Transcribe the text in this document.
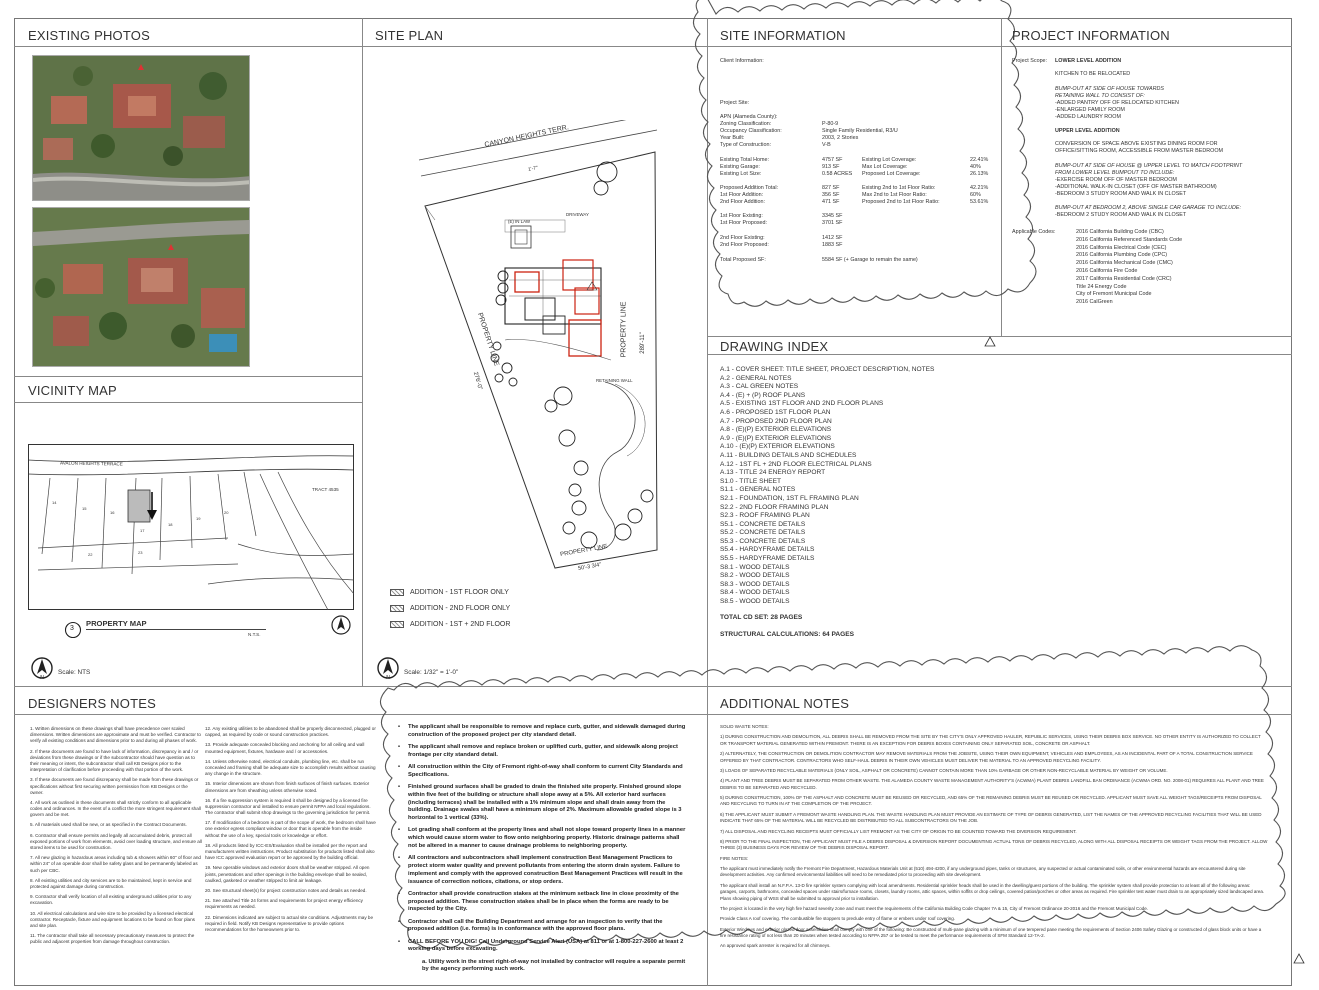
EXISTING PHOTOS	SITE PLAN	SITE INFORMATION	PROJECT INFORMATION
VICINITY MAP
DRAWING INDEX
DESIGNERS NOTES	ADDITIONAL NOTES
CANYON HEIGHTS TERR.
1'-7"
DRIVEWAY
(E) IN LAW
RETAINING WALL
PROPERTY LINE
276'-0"
PROPERTY LINE 289'-11"
PROPERTY LINE
50'-3 3/4"
ADDITION - 1ST FLOOR ONLY
ADDITION - 2ND FLOOR ONLY
ADDITION - 1ST + 2ND FLOOR
N
Scale: 1/32" = 1'-0"
14
15
16
17
18
19
20
22	23
AVALON HEIGHTS TERRACE
TRACT 4535
3
PROPERTY MAP
N.T.S.
N
Scale: NTS
Client Information:
Project Site:
APN (Alameda County):
Zoning Classification:	P-80-9
Occupancy Classification:	Single Family Residential, R3/U
Year Built:	2003, 2 Stories
Type of Construction:	V-B
Existing Total Home:	4757 SF	Existing Lot Coverage:	22.41%
Existing Garage:	913 SF	Max Lot Coverage:	40%
Existing Lot Size:	0.58 ACRES Proposed Lot Coverage:	26.13%
Proposed Addition Total:	827 SF	Existing 2nd to 1st Floor Ratio:	42.21%
1st Floor Addition:	356 SF	Max 2nd to 1st Floor Ratio:	60%
2nd Floor Addition:	471 SF	Proposed 2nd to 1st Floor Ratio:	53.61%
1st Floor Existing:	3345 SF
1st Floor Proposed:	3701 SF
2nd Floor Existing:	1412 SF
2nd Floor Proposed:	1883 SF
Total Proposed SF:	5584 SF (+ Garage to remain the same)
Project Scope: LOWER LEVEL ADDITION
KITCHEN TO BE RELOCATED
BUMP-OUT AT SIDE OF HOUSE TOWARDS
RETAINING WALL TO CONSIST OF:
-ADDED PANTRY OFF OF RELOCATED KITCHEN
-ENLARGED FAMILY ROOM
-ADDED LAUNDRY ROOM
UPPER LEVEL ADDITION
CONVERSION OF SPACE ABOVE EXISTING DINING ROOM FOR
OFFICE/SITTING ROOM, ACCESSIBLE FROM MASTER BEDROOM
BUMP-OUT AT SIDE OF HOUSE @ UPPER LEVEL TO MATCH FOOTPRINT
FROM LOWER LEVEL BUMPOUT TO INCLUDE:
-EXERCISE ROOM OFF OF MASTER BEDROOM
-ADDITIONAL WALK-IN CLOSET (OFF OF MASTER BATHROOM)
-BEDROOM 3 STUDY ROOM AND WALK IN CLOSET
BUMP-OUT AT BEDROOM 2, ABOVE SINGLE CAR GARAGE TO INCLUDE:
-BEDROOM 2 STUDY ROOM AND WALK IN CLOSET
Applicable Codes:	2016 California Building Code (CBC)
2016 California Referenced Standards Code
2016 California Electrical Code (CEC)
2016 California Plumbing Code (CPC)
2016 California Mechanical Code (CMC)
2016 California Fire Code
2017 California Residential Code (CRC)
Title 24 Energy Code
City of Fremont Municipal Code
2016 CalGreen
A.1 - COVER SHEET: TITLE SHEET, PROJECT DESCRIPTION, NOTES
A.2 - GENERAL NOTES
A.3 - CAL GREEN NOTES
A.4 - (E) + (P) ROOF PLANS
A.5 - EXISTING 1ST FLOOR AND 2ND FLOOR PLANS
A.6 - PROPOSED 1ST FLOOR PLAN
A.7 - PROPOSED 2ND FLOOR PLAN
A.8 - (E)(P) EXTERIOR ELEVATIONS
A.9 - (E)(P) EXTERIOR ELEVATIONS
A.10 - (E)(P) EXTERIOR ELEVATIONS
A.11 - BUILDING DETAILS AND SCHEDULES
A.12 - 1ST FL + 2ND FLOOR ELECTRICAL PLANS
A.13 - TITLE 24 ENERGY REPORT
S1.0 - TITLE SHEET
S1.1 - GENERAL NOTES
S2.1 - FOUNDATION, 1ST FL FRAMING PLAN
S2.2 - 2ND FLOOR FRAMING PLAN
S2.3 - ROOF FRAMING PLAN
S5.1 - CONCRETE DETAILS
S5.2 - CONCRETE DETAILS
S5.3 - CONCRETE DETAILS
S5.4 - HARDYFRAME DETAILS
S5.5 - HARDYFRAME DETAILS
S8.1 - WOOD DETAILS
S8.2 - WOOD DETAILS
S8.3 - WOOD DETAILS
S8.4 - WOOD DETAILS
S8.5 - WOOD DETAILS
TOTAL CD SET: 28 PAGES
STRUCTURAL CALCULATIONS: 64 PAGES
1. Written dimensions on these drawings shall have precedence over scaled dimensions. Written dimensions are approximate and must be verified. Contractor to verify all existing conditions and dimensions prior to and during all phases of work.
2. If these documents are found to have lack of information, discrepancy in and / or deviations from these drawings or if the subcontractor should have question as to their meaning or intent, the subcontractor shall call KB Designs prior to the interpretation of clarification before proceeding with that portion of the work.
3. If these documents are found discrepancy shall be made from these drawings or specifications without first securing written permission from KB Designs or the owner.
4. All work as outlined in these documents shall strictly conform to all applicable codes and ordinances. In the event of a conflict the more stringent requirement shall govern and be met.
5. All materials used shall be new, or as specified in the Contract Documents.
6. Contractor shall ensure permits and legally all accumulated debris, protect all exposed portions of work from elements, avoid over loading structure, and ensure all stored items to be used for construction.
7. All new glazing in hazardous areas including tub & showers within 60" of floor and within 24" of an operable door shall be safety glass and be permanently labeled as such per CBC.
8. All existing utilities and city services are to be maintained, kept in service and protected against damage during construction.
9. Contractor shall verify location of all existing underground utilities prior to any excavation.
10. All electrical calculations and wire size to be provided by a licensed electrical contractor. Receptacle, fixture and equipment locations to be found on floor plans and site plan.
11. The contractor shall take all necessary precautionary measures to protect the public and adjacent properties from damage throughout construction.
12. Any existing utilities to be abandoned shall be properly disconnected, plugged or capped, as required by code or sound construction practices.
13. Provide adequate concealed blocking and anchoring for all ceiling and wall mounted equipment, fixtures, hardware and / or accessories.
14. Unless otherwise noted, electrical conduits, plumbing line, etc. shall be run concealed and framing shall be adequate size to accomplish results without causing any change in the structure.
15. Interior dimensions are shown from finish surfaces of finish surfaces. Exterior dimensions are from sheathing unless otherwise noted.
16. If a fire suppression system is required it shall be designed by a licensed fire suppression contractor and installed to ensure permit NFPA and local regulations. The contractor shall submit shop drawings to the governing jurisdiction for permit.
17. If modification of a bedroom is part of the scope of work, the bedroom shall have one exterior egress compliant window or door that is operable from the inside without the use of a key, special tools or knowledge or effort.
18. All products listed by ICC-ES/Evaluation shall be installed per the report and manufacturers written instructions. Product substitution for products listed shall also have ICC approved evaluation report or be approved by the building official.
19. New operable windows and exterior doors shall be weather stripped. All open joints, penetrations and other openings in the building envelope shall be sealed, caulked, gasketed or weather stripped to limit air leakage.
20. See structural sheet(s) for project construction notes and details as needed.
21. See attached Title 24 forms and requirements for project energy efficiency requirements as needed.
22. Dimensions indicated are subject to actual site conditions. Adjustments may be required in field. Notify KB Designs representative to provide options recommendations for the homeowners prior to.
• The applicant shall be responsible to remove and replace curb, gutter, and sidewalk damaged during construction of the proposed project per city standard detail.
• The applicant shall remove and replace broken or uplifted curb, gutter, and sidewalk along project frontage per city standard detail.
• All construction within the City of Fremont right-of-way shall conform to current City Standards and Specifications.
• Finished ground surfaces shall be graded to drain the finished site properly. Finished ground slope within five feet of the building or structure shall slope away at a 5%. All exterior hard surfaces (including terraces) shall be installed with a 1% minimum slope and shall drain away from the building. Drainage swales shall have a minimum slope of 2%. Maximum allowable graded slope is 3 horizontal to 1 vertical (33%).
• Lot grading shall conform at the property lines and shall not slope toward property lines in a manner which would cause storm water to flow onto neighboring property. Historic drainage patterns shall not be altered in a manner to cause drainage problems to neighboring property.
• All contractors and subcontractors shall implement construction Best Management Practices to protect storm water quality and prevent pollutants from entering the storm drain system. Failure to implement and comply with the approved construction Best Management Practices will result in the issuance of correction notices, citations, or stop orders.
• Contractor shall provide construction stakes at the minimum setback line in close proximity of the proposed addition. These construction stakes shall be in place when the forms are ready to be inspected by the City.
• Contractor shall call the Building Department and arrange for an inspection to verify that the proposed addition (i.e. forms) is in conformance with the approved floor plans.
• CALL BEFORE YOU DIG! Call Underground Service Alert (USA) at 811 or at 1-800-227-2600 at least 2 working days before excavating.
a. Utility work in the street right-of-way not installed by contractor will require a separate permit by the agency performing such work.
SOLID WASTE NOTES:
1) DURING CONSTRUCTION AND DEMOLITION, ALL DEBRIS SHALL BE REMOVED FROM THE SITE BY THE CITY'S ONLY APPROVED HAULER, REPUBLIC SERVICES, USING THEIR DEBRIS BOX SERVICE. NO OTHER ENTITY IS AUTHORIZED TO COLLECT OR TRANSPORT MATERIAL GENERATED WITHIN FREMONT. THERE IS AN EXCEPTION FOR DEBRIS BOXES CONTAINING ONLY SEPARATED SOIL, CONCRETE OR ASPHALT.
2) ALTERNATELY, THE CONSTRUCTION OR DEMOLITION CONTRACTOR MAY REMOVE MATERIALS FROM THE JOBSITE, USING THEIR OWN EQUIPMENT, VEHICLES AND EMPLOYEES, AS AN INCIDENTAL PART OF A TOTAL CONSTRUCTION SERVICE OFFERED BY THAT CONTRACTOR. CONTRACTORS WHO SELF-HAUL DEBRIS IN THEIR OWN VEHICLES MUST DELIVER THE MATERIAL TO AN APPROVED RECYCLING FACILITY.
3) LOADS OF SEPARATED RECYCLABLE MATERIALS (ONLY SOIL, ASPHALT OR CONCRETE) CANNOT CONTAIN MORE THAN 10% GARBAGE OR OTHER NON-RECYCLABLE MATERIAL BY WEIGHT OR VOLUME.
4) PLANT AND TREE DEBRIS MUST BE SEPARATED FROM OTHER WASTE. THE ALAMEDA COUNTY WASTE MANAGEMENT AUTHORITY'S (ACWMA) PLANT DEBRIS LANDFILL BAN ORDINANCE (ACWMA ORD. NO. 2008-01) REQUIRES ALL PLANT AND TREE DEBRIS TO BE SEPARATED AND RECYCLED.
5) DURING CONSTRUCTION, 100% OF THE ASPHALT AND CONCRETE MUST BE REUSED OR RECYCLED, AND 65% OF THE REMAINING DEBRIS MUST BE REUSED OR RECYCLED. APPLICANT MUST SAVE ALL WEIGHT TAGS/RECEIPTS FROM DISPOSAL AND RECYCLING TO TURN IN AT THE COMPLETION OF THE PROJECT.
6) THE APPLICANT MUST SUBMIT A FREMONT WASTE HANDLING PLAN. THE WASTE HANDLING PLAN MUST PROVIDE AN ESTIMATE OF TYPE OF DEBRIS GENERATED, LIST THE NAMES OF THE APPROVED RECYCLING FACILITIES THAT WILL BE USED INDICATE THAT 65% OF THE MATERIAL WILL BE RECYCLED BE DISTRIBUTED TO ALL SUBCONTRACTORS ON THE JOB.
7) ALL DISPOSAL AND RECYCLING RECEIPTS MUST OFFICIALLY LIST FREMONT AS THE CITY OF ORIGIN TO BE COUNTED TOWARD THE DIVERSION REQUIREMENT.
8) PRIOR TO THE FINAL INSPECTION, THE APPLICANT MUST FILE A DEBRIS DISPOSAL & DIVERSION REPORT DOCUMENTING ACTUAL TONS OF DEBRIS RECYCLED, ALONG WITH ALL DISPOSAL RECEIPTS OR WEIGHT TAGS FROM THE PROJECT. ALLOW THREE (3) BUSINESS DAYS FOR REVIEW OF THE DEBRIS DISPOSAL REPORT.
FIRE NOTES:
The applicant must immediately notify the Fremont Fire Department, Hazardous Materials Unit at (510) 494-4200, if any underground pipes, tanks or structures, any suspected or actual contaminated soils, or other environmental hazards are encountered during site development activities. Any confirmed environmental liabilities will need to be remediated prior to proceeding with site development.
The applicant shall install an N.F.P.A. 13-D fire sprinkler system complying with local amendments. Residential sprinkler heads shall be used in the dwelling/guest portions of the building. The sprinkler system shall provide protection to at least all of the following areas: garages, carports, bathrooms, concealed spaces under stairs/furnace rooms, closets, laundry rooms, attic spaces, within soffits or drop ceilings, covered patios/porches or other areas as required. Fire sprinkler test water must drain to an appropriately sized landscaped area. Plans showing piping of WSS shall be submitted to approval prior to installation.
The project is located in the very high fire hazard severity zone and must meet the requirements of the California Building Code Chapter 7A & 15, City of Fremont Ordinance 20-2016 and the Fremont Municipal Code.
Provide Class A roof covering. The combustible fire stoppers to preclude entry of flame or embers under roof covering.
Exterior Windows and exterior glazed door assemblies shall comply with one of the following: Be constructed of multi-pane glazing with a minimum of one tempered pane meeting the requirements of Section 2406 Safety Glazing or constructed of glass block units or have a fire resistance rating of not less than 20 minutes when tested according to NFPA 257 or be tested to meet the performance requirements of SFM Standard 12-7A-2.
An approved spark arrester is required for all chimneys.
